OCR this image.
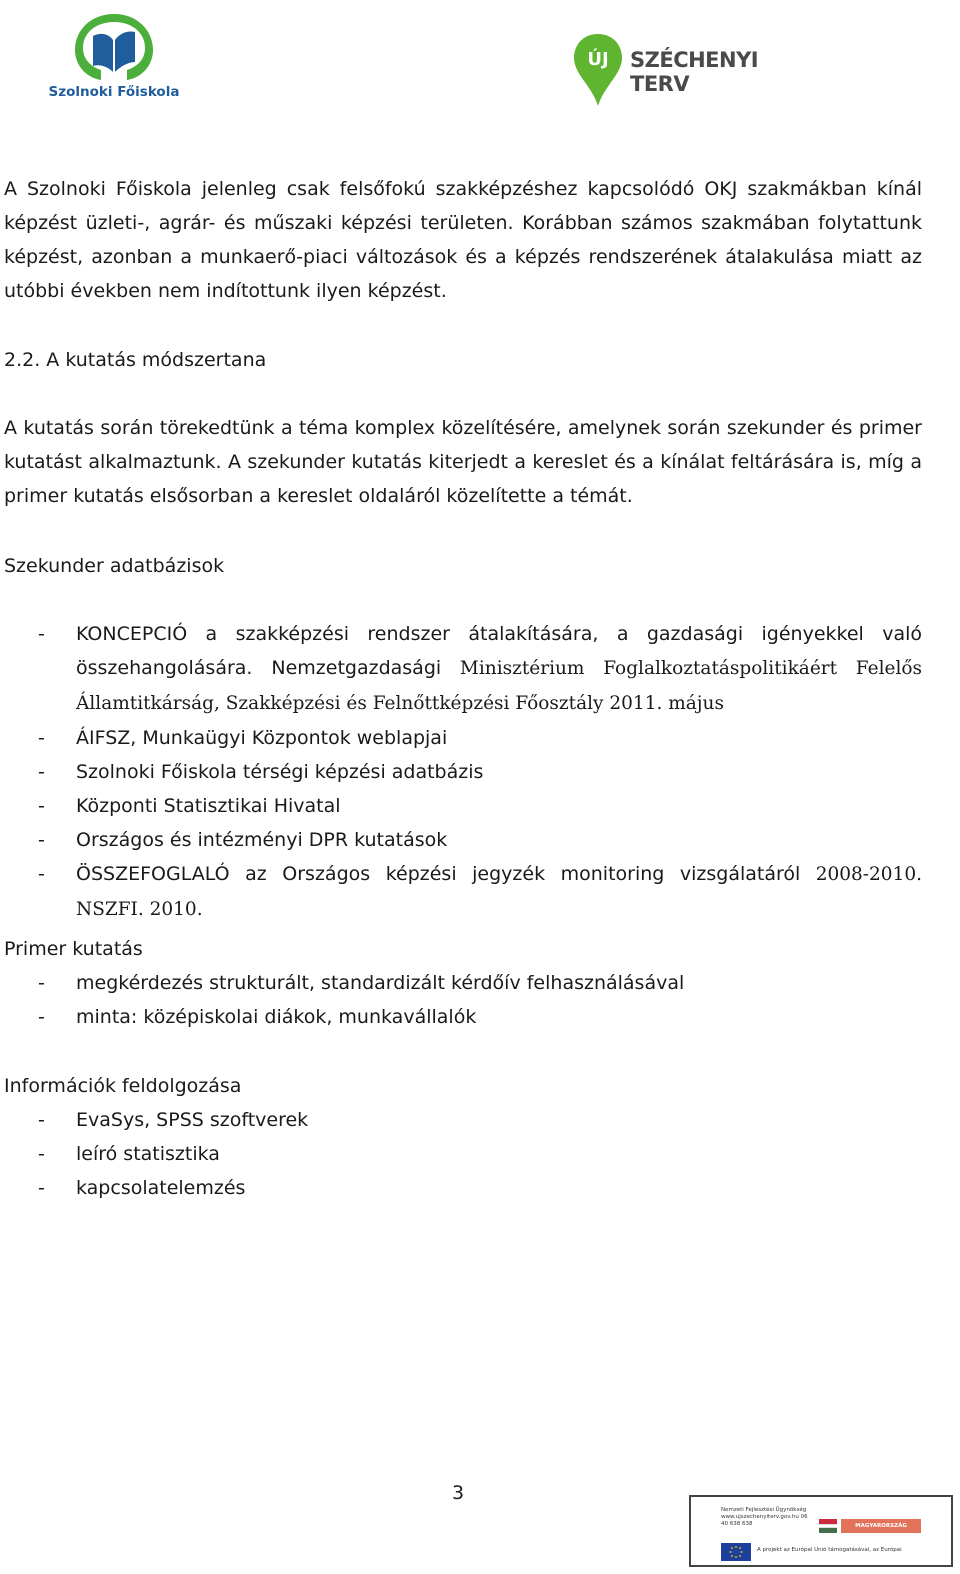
Szolnoki Főiskola
ÚJ SZÉCHENYI TERV
A Szolnoki Főiskola jelenleg csak felsőfokú szakképzéshez kapcsolódó OKJ szakmákban kínál képzést üzleti-, agrár- és műszaki képzési területen. Korábban számos szakmában folytattunk képzést, azonban a munkaerő-piaci változások és a képzés rendszerének átalakulása miatt az utóbbi években nem indítottunk ilyen képzést.
2.2. A kutatás módszertana
A kutatás során törekedtünk a téma komplex közelítésére, amelynek során szekunder és primer kutatást alkalmaztunk. A szekunder kutatás kiterjedt a kereslet és a kínálat feltárására is, míg a primer kutatás elsősorban a kereslet oldaláról közelítette a témát.
Szekunder adatbázisok
- KONCEPCIÓ a szakképzési rendszer átalakítására, a gazdasági igényekkel való összehangolására. Nemzetgazdasági Minisztérium Foglalkoztatáspolitikáért Felelős Államtitkárság, Szakképzési és Felnőttképzési Főosztály 2011. május
- ÁIFSZ, Munkaügyi Központok weblapjai
- Szolnoki Főiskola térségi képzési adatbázis
- Központi Statisztikai Hivatal
- Országos és intézményi DPR kutatások
- ÖSSZEFOGLALÓ az Országos képzési jegyzék monitoring vizsgálatáról 2008-2010. NSZFI. 2010.
Primer kutatás
- megkérdezés strukturált, standardizált kérdőív felhasználásával
- minta: középiskolai diákok, munkavállalók
Információk feldolgozása
- EvaSys, SPSS szoftverek
- leíró statisztika
- kapcsolatelemzés
3
Nemzeti Fejlesztési Ügynökség www.ujszechenyiterv.gov.hu 06 40 638 638	MAGYARORSZÁG MEGÚJUL
A projekt az Európai Unió támogatásával, az Európai
